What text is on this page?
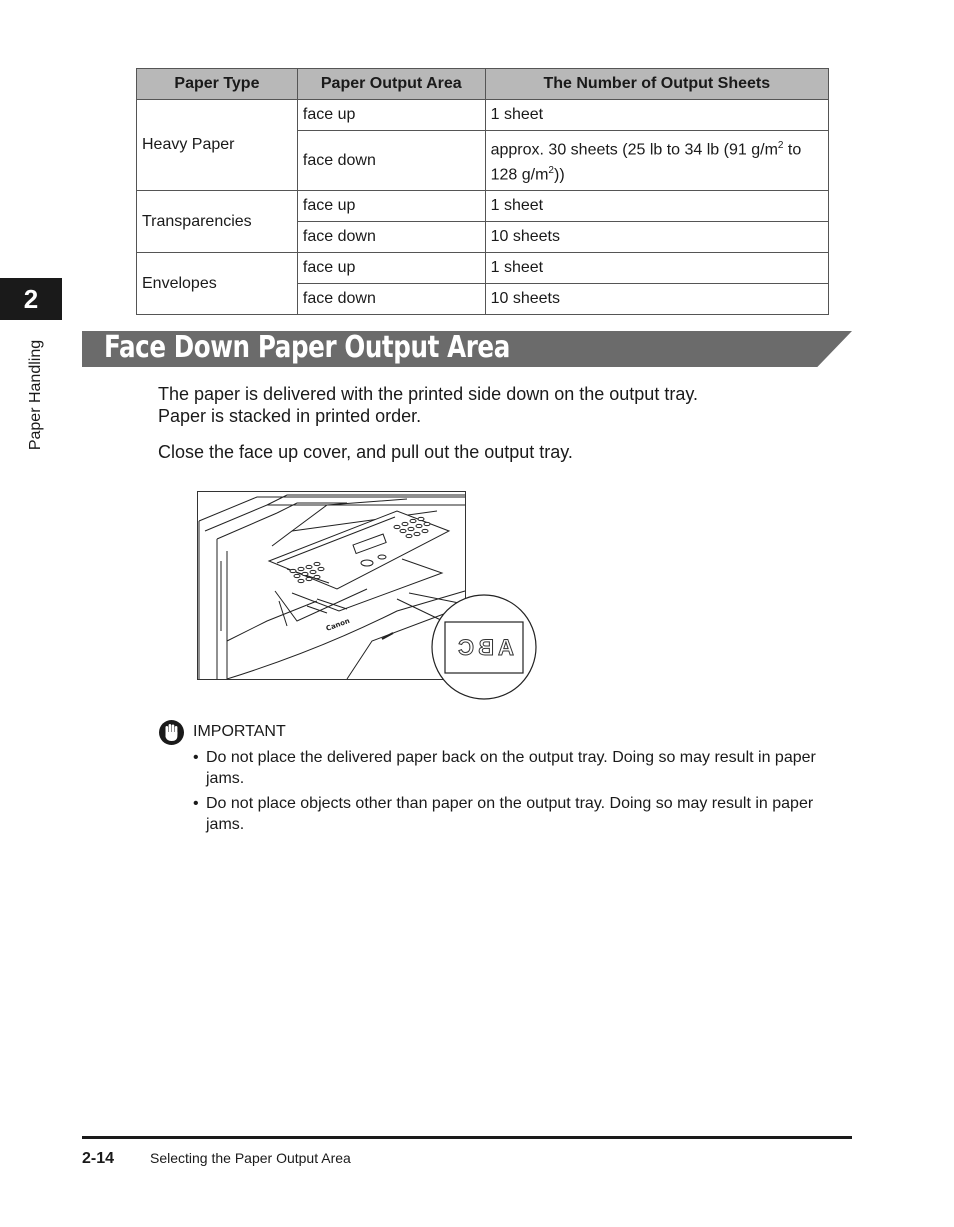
Paper Type	Paper Output Area	The Number of Output Sheets
Heavy Paper	face up	1 sheet
	face down	approx. 30 sheets (25 lb to 34 lb (91 $g/m^2$ to 128 $g/m^2$))
Transparencies	face up	1 sheet
	face down	10 sheets
Envelopes	face up	1 sheet
	face down	10 sheets
2
Paper Handling Face Down Paper Output Area
The paper is delivered with the printed side down on the output tray.
Paper is stacked in printed order.
Close the face up cover, and pull out the output tray.
Canon
ABC
IMPORTANT
• Do not place the delivered paper back on the output tray. Doing so may result in paper jams.
• Do not place objects other than paper on the output tray. Doing so may result in paper jams.
2-14	Selecting the Paper Output Area
